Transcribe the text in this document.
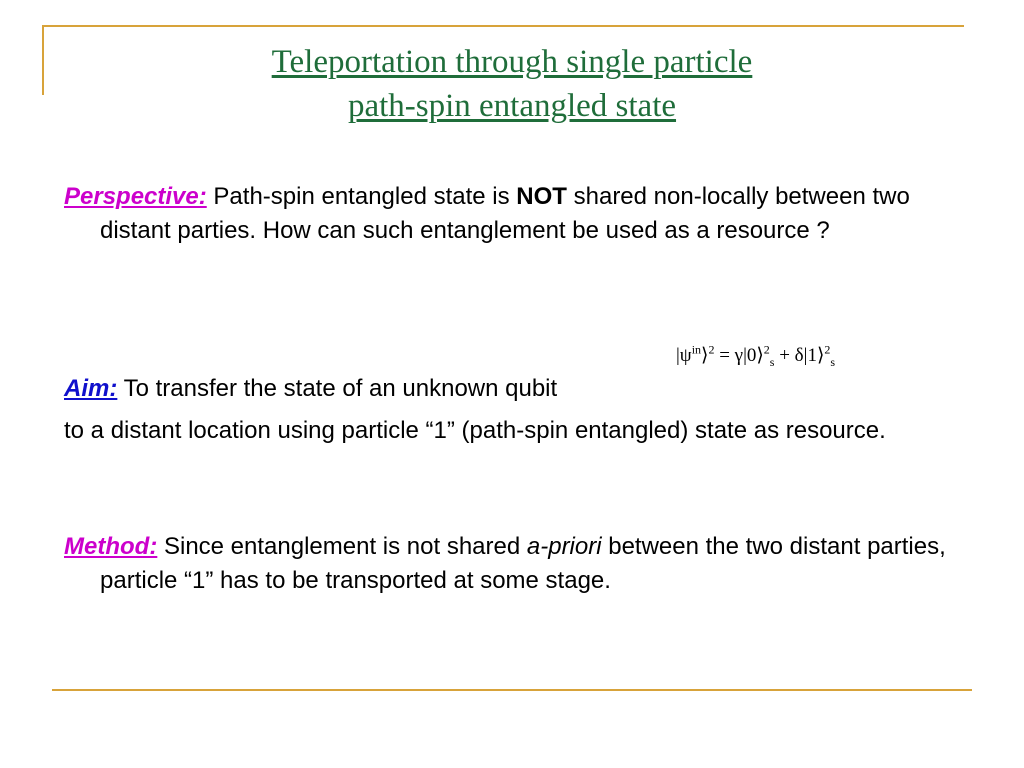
Teleportation through single particle
path-spin entangled state
Perspective: Path-spin entangled state is NOT shared non-locally between two distant parties. How can such entanglement be used as a resource ?
$|\psi^{in}⟩^2$ = γ|0⟩$^2_s$ + δ|1⟩$^2_s$
Aim: To transfer the state of an unknown qubit
to a distant location using particle “1” (path-spin entangled) state as resource.
Method: Since entanglement is not shared a-priori between the two distant parties, particle “1” has to be transported at some stage.
